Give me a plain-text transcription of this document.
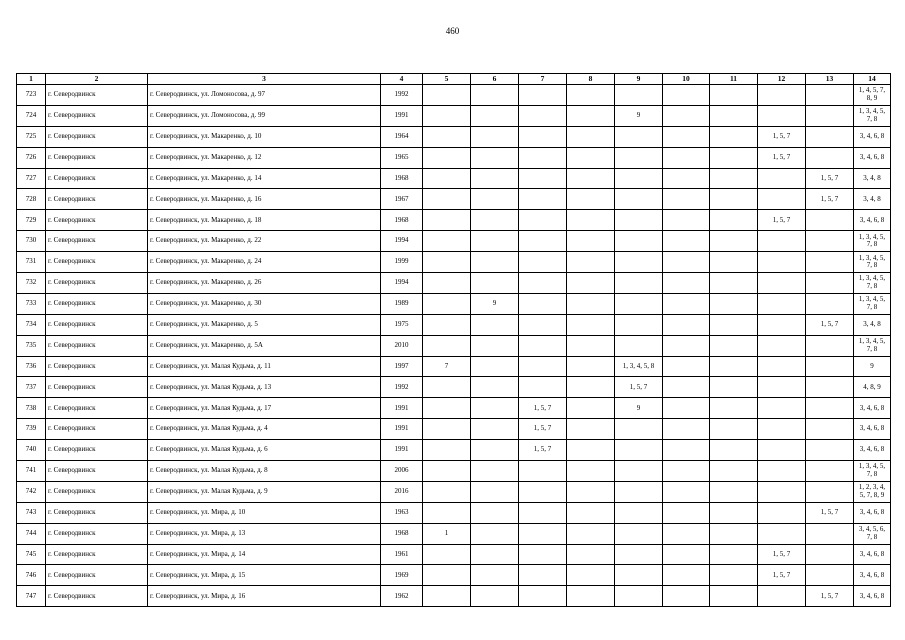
460
1	2	3	4	5	6	7	8	9	10	11	12	13	14
723	г. Северодвинск	г. Северодвинск, ул. Ломоносова, д. 97	1992										1, 4, 5, 7, 8, 9
724	г. Северодвинск	г. Северодвинск, ул. Ломоносова, д. 99	1991					9					1, 3, 4, 5, 7, 8
725	г. Северодвинск	г. Северодвинск, ул. Макаренко, д. 10	1964								1, 5, 7		3, 4, 6, 8
726	г. Северодвинск	г. Северодвинск, ул. Макаренко, д. 12	1965								1, 5, 7		3, 4, 6, 8
727	г. Северодвинск	г. Северодвинск, ул. Макаренко, д. 14	1968									1, 5, 7	3, 4, 8
728	г. Северодвинск	г. Северодвинск, ул. Макаренко, д. 16	1967									1, 5, 7	3, 4, 8
729	г. Северодвинск	г. Северодвинск, ул. Макаренко, д. 18	1968								1, 5, 7		3, 4, 6, 8
730	г. Северодвинск	г. Северодвинск, ул. Макаренко, д. 22	1994										1, 3, 4, 5, 7, 8
731	г. Северодвинск	г. Северодвинск, ул. Макаренко, д. 24	1999										1, 3, 4, 5, 7, 8
732	г. Северодвинск	г. Северодвинск, ул. Макаренко, д. 26	1994										1, 3, 4, 5, 7, 8
733	г. Северодвинск	г. Северодвинск, ул. Макаренко, д. 30	1989		9								1, 3, 4, 5, 7, 8
734	г. Северодвинск	г. Северодвинск, ул. Макаренко, д. 5	1975									1, 5, 7	3, 4, 8
735	г. Северодвинск	г. Северодвинск, ул. Макаренко, д. 5А	2010										1, 3, 4, 5, 7, 8
736	г. Северодвинск	г. Северодвинск, ул. Малая Кудьма, д. 11	1997	7				1, 3, 4, 5, 8					9
737	г. Северодвинск	г. Северодвинск, ул. Малая Кудьма, д. 13	1992					1, 5, 7					4, 8, 9
738	г. Северодвинск	г. Северодвинск, ул. Малая Кудьма, д. 17	1991			1, 5, 7		9					3, 4, 6, 8
739	г. Северодвинск	г. Северодвинск, ул. Малая Кудьма, д. 4	1991			1, 5, 7							3, 4, 6, 8
740	г. Северодвинск	г. Северодвинск, ул. Малая Кудьма, д. 6	1991			1, 5, 7							3, 4, 6, 8
741	г. Северодвинск	г. Северодвинск, ул. Малая Кудьма, д. 8	2006										1, 3, 4, 5, 7, 8
742	г. Северодвинск	г. Северодвинск, ул. Малая Кудьма, д. 9	2016										1, 2, 3, 4, 5, 7, 8, 9
743	г. Северодвинск	г. Северодвинск, ул. Мира, д. 10	1963									1, 5, 7	3, 4, 6, 8
744	г. Северодвинск	г. Северодвинск, ул. Мира, д. 13	1968	1									3, 4, 5, 6, 7, 8
745	г. Северодвинск	г. Северодвинск, ул. Мира, д. 14	1961								1, 5, 7		3, 4, 6, 8
746	г. Северодвинск	г. Северодвинск, ул. Мира, д. 15	1969								1, 5, 7		3, 4, 6, 8
747	г. Северодвинск	г. Северодвинск, ул. Мира, д. 16	1962									1, 5, 7	3, 4, 6, 8
